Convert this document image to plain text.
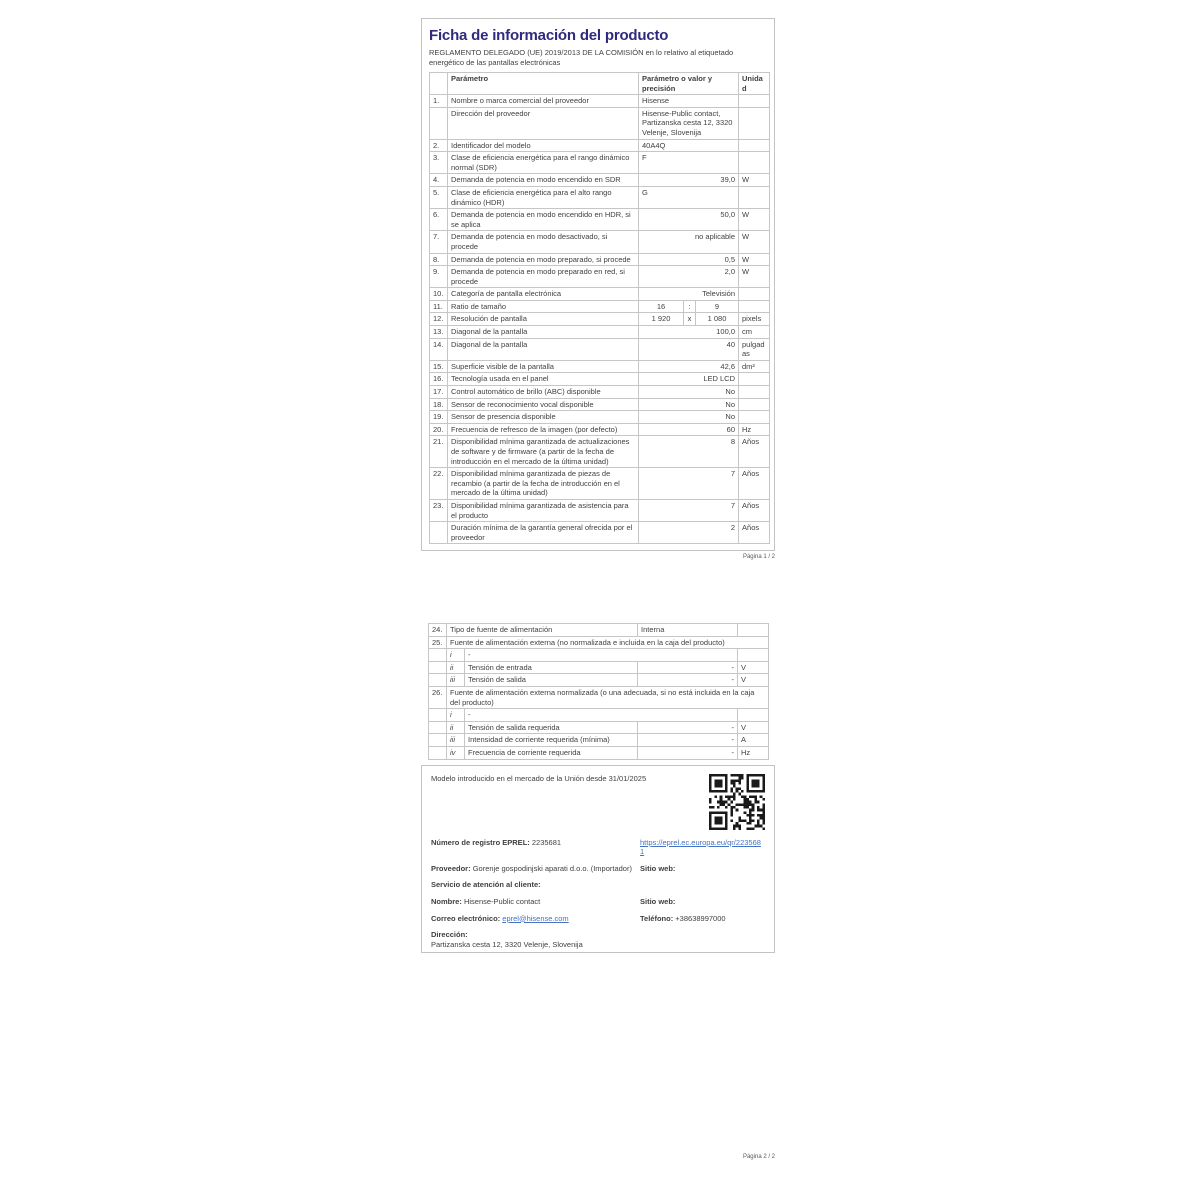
Ficha de información del producto
REGLAMENTO DELEGADO (UE) 2019/2013 DE LA COMISIÓN en lo relativo al etiquetado energético de las pantallas electrónicas
	Parámetro	Parámetro o valor y precisión			Unidad
1.	Nombre o marca comercial del proveedor	Hisense			
	Dirección del proveedor	Hisense-Public contact, Partizanska cesta 12, 3320 Velenje, Slovenija			
2.	Identificador del modelo	40A4Q			
3.	Clase de eficiencia energética para el rango dinámico normal (SDR)	F			
4.	Demanda de potencia en modo encendido en SDR	39,0			W
5.	Clase de eficiencia energética para el alto rango dinámico (HDR)	G			
6.	Demanda de potencia en modo encendido en HDR, si se aplica	50,0			W
7.	Demanda de potencia en modo desactivado, si procede	no aplicable			W
8.	Demanda de potencia en modo preparado, si procede	0,5			W
9.	Demanda de potencia en modo preparado en red, si procede	2,0			W
10.	Categoría de pantalla electrónica	Televisión			
11.	Ratio de tamaño	16	:	9	
12.	Resolución de pantalla	1 920	x	1 080	pixels
13.	Diagonal de la pantalla	100,0			cm
14.	Diagonal de la pantalla	40			pulgadas
15.	Superficie visible de la pantalla	42,6			dm²
16.	Tecnología usada en el panel	LED LCD			
17.	Control automático de brillo (ABC) disponible	No			
18.	Sensor de reconocimiento vocal disponible	No			
19.	Sensor de presencia disponible	No			
20.	Frecuencia de refresco de la imagen (por defecto)	60			Hz
21.	Disponibilidad mínima garantizada de actualizaciones de software y de firmware (a partir de la fecha de introducción en el mercado de la última unidad)	8			Años
22.	Disponibilidad mínima garantizada de piezas de recambio (a partir de la fecha de introducción en el mercado de la última unidad)	7			Años
23.	Disponibilidad mínima garantizada de asistencia para el producto	7			Años
	Duración mínima de la garantía general ofrecida por el proveedor	2			Años
Página 1 / 2
24.	Tipo de fuente de alimentación		Interna	
25.	Fuente de alimentación externa (no normalizada e incluida en la caja del producto)			
	i	-		
	ii	Tensión de entrada	-	V
	iii	Tensión de salida	-	V
26.	Fuente de alimentación externa normalizada (o una adecuada, si no está incluida en la caja del producto)			
	i	-		
	ii	Tensión de salida requerida	-	V
	iii	Intensidad de corriente requerida (mínima)	-	A
	iv	Frecuencia de corriente requerida	-	Hz
Modelo introducido en el mercado de la Unión desde 31/01/2025
Número de registro EPREL: 2235681	https://eprel.ec.europa.eu/qr/2235681
Proveedor: Gorenje gospodinjski aparati d.o.o. (Importador)	Sitio web:
Servicio de atención al cliente:
Nombre: Hisense-Public contact	Sitio web:
Correo electrónico: eprel@hisense.com	Teléfono: +38638997000
Dirección:
Partizanska cesta 12, 3320 Velenje, Slovenija
Página 2 / 2
